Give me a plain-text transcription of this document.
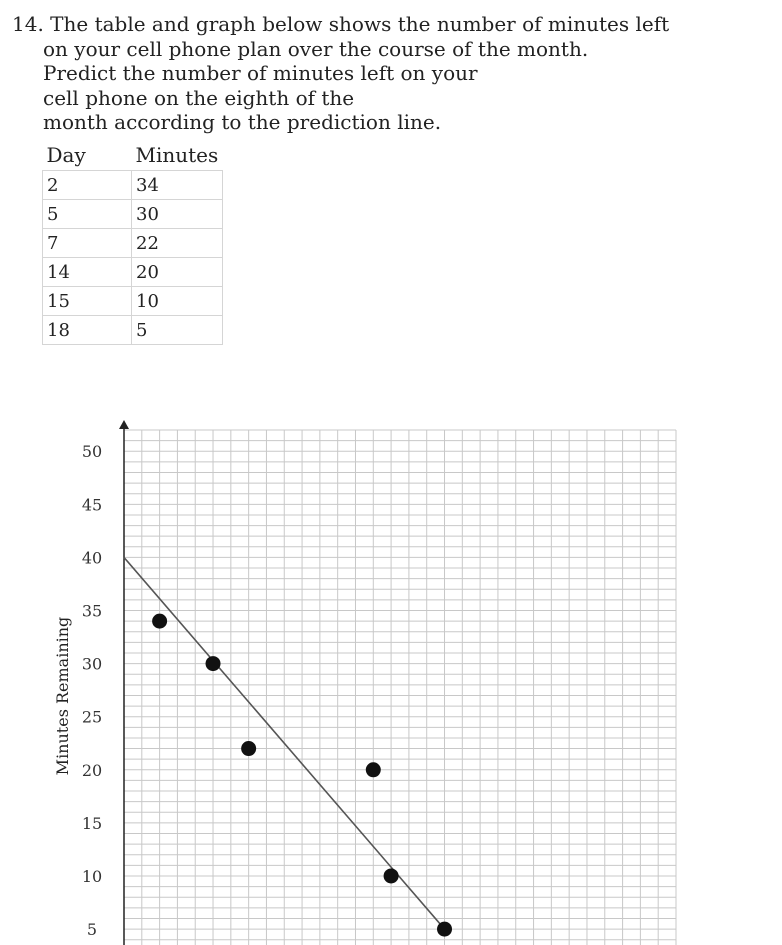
14. The table and graph below shows the number of minutes left
on your cell phone plan over the course of the month.
Predict the number of minutes left on your
cell phone on the eighth of the
month according to the prediction line.
Day	Minutes
2	34
5	30
7	22
14	20
15	10
18	5
5
10
15
20
25
30
35
40
45
50
Minutes Remaining
